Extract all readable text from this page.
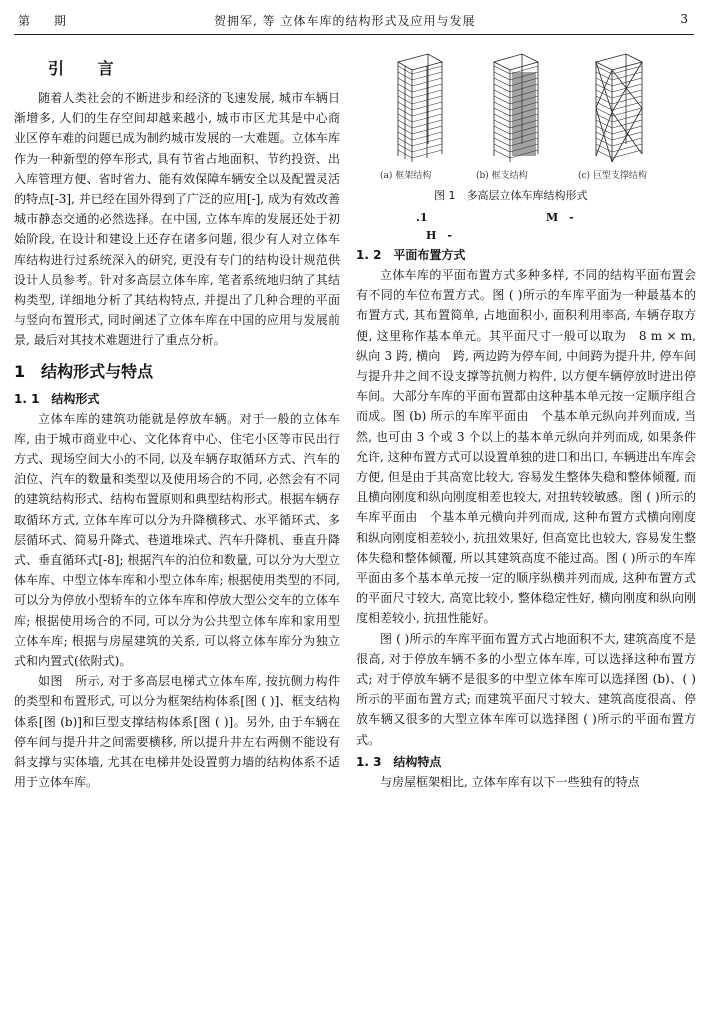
第 期	贺拥军, 等 立体车库的结构形式及应用与发展	3
引 言

随着人类社会的不断进步和经济的飞速发展, 城市车辆日渐增多, 人们的生存空间却越来越小, 城市市区尤其是中心商业区停车难的问题已成为制约城市发展的一大难题。立体车库作为一种新型的停车形式, 具有节省占地面积、节约投资、出入库管理方便、省时省力、能有效保障车辆安全以及配置灵活的特点[-3], 并已经在国外得到了广泛的应用[-], 成为有效改善城市静态交通的必然选择。在中国, 立体车库的发展还处于初始阶段, 在设计和建设上还存在诸多问题, 很少有人对立体车库结构进行过系统深入的研究, 更没有专门的结构设计规范供设计人员参考。针对多高层立体车库, 笔者系统地归纳了其结构类型, 详细地分析了其结构特点, 并提出了几种合理的平面与竖向布置形式, 同时阐述了立体车库在中国的应用与发展前景, 最后对其技术难题进行了重点分析。

1　结构形式与特点

1. 1　结构形式

立体车库的建筑功能就是停放车辆。对于一般的立体车库, 由于城市商业中心、文化体育中心、住宅小区等市民出行方式、现场空间大小的不同, 以及车辆存取循环方式、汽车的泊位、汽车的数量和类型以及使用场合的不同, 必然会有不同的建筑结构形式、结构布置原则和典型结构形式。根据车辆存取循环方式, 立体车库可以分为升降横移式、水平循环式、多层循环式、简易升降式、巷道堆垛式、汽车升降机、垂直升降式、垂直循环式[-8]; 根据汽车的泊位和数量, 可以分为大型立体车库、中型立体车库和小型立体车库; 根据使用类型的不同, 可以分为停放小型轿车的立体车库和停放大型公交车的立体车库; 根据使用场合的不同, 可以分为公共型立体车库和家用型立体车库; 根据与房屋建筑的关系, 可以将立体车库分为独立式和内置式(依附式)。

如图　所示, 对于多高层电梯式立体车库, 按抗侧力构件的类型和布置形式, 可以分为框架结构体系[图 ( )]、框支结构体系[图 (b)]和巨型支撑结构体系[图 ( )]。另外, 由于车辆在停车间与提升井之间需要横移, 所以提升井左右两侧不能设有斜支撑与实体墙, 尤其在电梯井处设置剪力墙的结构体系不适用于立体车库。

(a) 框架结构	(b) 框支结构	(c) 巨型支撑结构
图 1　多高层立体车库结构形式
.1	M　-
H　-

1. 2　平面布置方式

立体车库的平面布置方式多种多样, 不同的结构平面布置会有不同的车位布置方式。图 ( )所示的车库平面为一种最基本的布置方式, 其布置简单, 占地面积小, 面积利用率高, 车辆存取方便, 这里称作基本单元。其平面尺寸一般可以取为　8 m × m, 纵向 3 跨, 横向　跨, 两边跨为停车间, 中间跨为提升井, 停车间与提升井之间不设支撑等抗侧力构件, 以方便车辆停放时进出停车间。大部分车库的平面布置都由这种基本单元按一定顺序组合而成。图 (b) 所示的车库平面由　个基本单元纵向并列而成, 当然, 也可由 3 个或 3 个以上的基本单元纵向并列而成, 如果条件允许, 这种布置方式可以设置单独的进口和出口, 车辆进出车库会方便, 但是由于其高宽比较大, 容易发生整体失稳和整体倾覆, 而且横向刚度和纵向刚度相差也较大, 对扭转较敏感。图 ( )所示的车库平面由　个基本单元横向并列而成, 这种布置方式横向刚度和纵向刚度相差较小, 抗扭效果好, 但高宽比也较大, 容易发生整体失稳和整体倾覆, 所以其建筑高度不能过高。图 ( )所示的车库平面由多个基本单元按一定的顺序纵横并列而成, 这种布置方式的平面尺寸较大, 高宽比较小, 整体稳定性好, 横向刚度和纵向刚度相差较小, 抗扭性能好。

图 ( )所示的车库平面布置方式占地面积不大, 建筑高度不是很高, 对于停放车辆不多的小型立体车库, 可以选择这种布置方式; 对于停放车辆不是很多的中型立体车库可以选择图 (b)、( )所示的平面布置方式; 而建筑平面尺寸较大、建筑高度很高、停放车辆又很多的大型立体车库可以选择图 ( )所示的平面布置方式。

1. 3　结构特点

与房屋框架相比, 立体车库有以下一些独有的特点
